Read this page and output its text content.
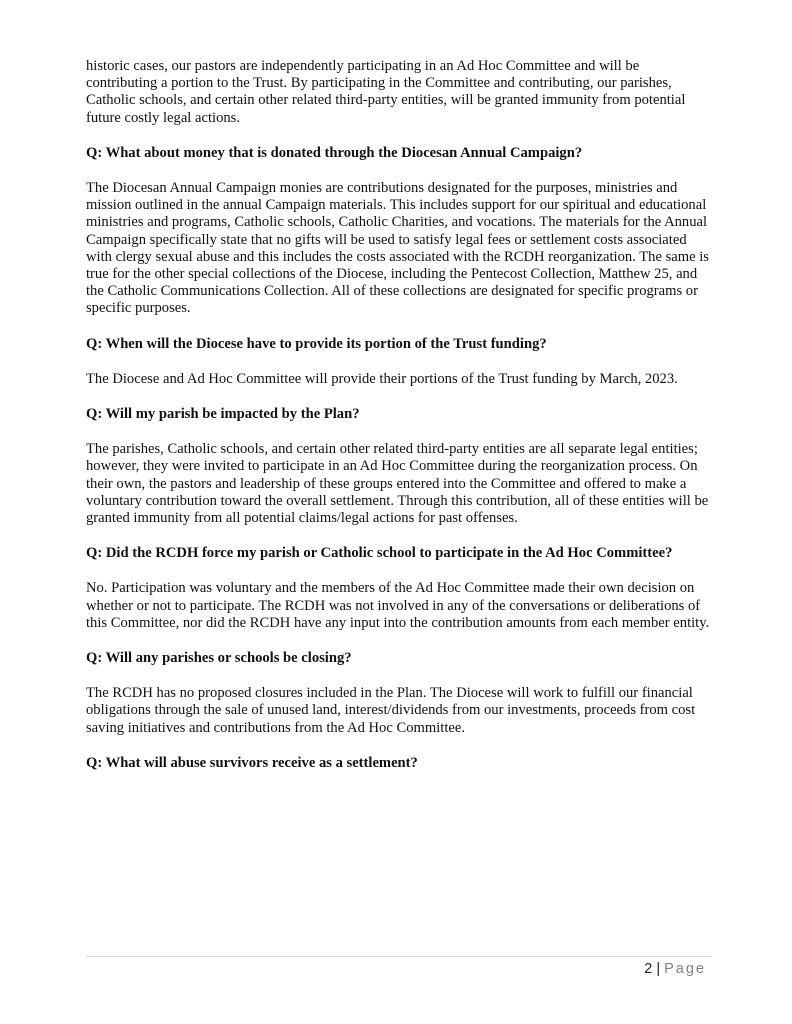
historic cases, our pastors are independently participating in an Ad Hoc Committee and will be contributing a portion to the Trust. By participating in the Committee and contributing, our parishes, Catholic schools, and certain other related third-party entities, will be granted immunity from potential future costly legal actions.

Q: What about money that is donated through the Diocesan Annual Campaign?

The Diocesan Annual Campaign monies are contributions designated for the purposes, ministries and mission outlined in the annual Campaign materials. This includes support for our spiritual and educational ministries and programs, Catholic schools, Catholic Charities, and vocations. The materials for the Annual Campaign specifically state that no gifts will be used to satisfy legal fees or settlement costs associated with clergy sexual abuse and this includes the costs associated with the RCDH reorganization. The same is true for the other special collections of the Diocese, including the Pentecost Collection, Matthew 25, and the Catholic Communications Collection. All of these collections are designated for specific programs or specific purposes.

Q: When will the Diocese have to provide its portion of the Trust funding?

The Diocese and Ad Hoc Committee will provide their portions of the Trust funding by March, 2023.

Q: Will my parish be impacted by the Plan?

The parishes, Catholic schools, and certain other related third-party entities are all separate legal entities; however, they were invited to participate in an Ad Hoc Committee during the reorganization process. On their own, the pastors and leadership of these groups entered into the Committee and offered to make a voluntary contribution toward the overall settlement. Through this contribution, all of these entities will be granted immunity from all potential claims/legal actions for past offenses.

Q: Did the RCDH force my parish or Catholic school to participate in the Ad Hoc Committee?

No. Participation was voluntary and the members of the Ad Hoc Committee made their own decision on whether or not to participate. The RCDH was not involved in any of the conversations or deliberations of this Committee, nor did the RCDH have any input into the contribution amounts from each member entity.

Q: Will any parishes or schools be closing?

The RCDH has no proposed closures included in the Plan. The Diocese will work to fulfill our financial obligations through the sale of unused land, interest/dividends from our investments, proceeds from cost saving initiatives and contributions from the Ad Hoc Committee.

Q: What will abuse survivors receive as a settlement?

2 | Page
